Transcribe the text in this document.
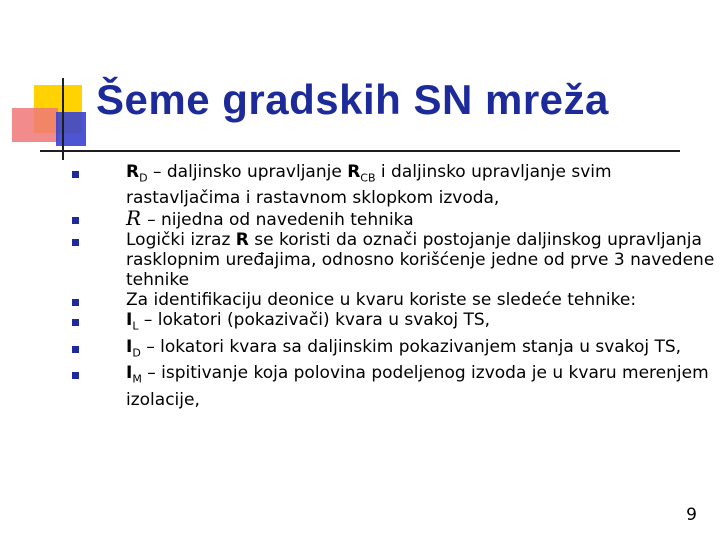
Šeme gradskih SN mreža
$R_D$ – daljinsko upravljanje $R_{CB}$ i daljinsko upravljanje svim rastavljačima i rastavnom sklopkom izvoda,
R – nijedna od navedenih tehnika
Logički izraz R se koristi da označi postojanje daljinskog upravljanja rasklopnim uređajima, odnosno korišćenje jedne od prve 3 navedene tehnike
Za identifikaciju deonice u kvaru koriste se sledeće tehnike:
$I_L$ – lokatori (pokazivači) kvara u svakoj TS,
$I_D$ – lokatori kvara sa daljinskim pokazivanjem stanja u svakoj TS,
$I_M$ – ispitivanje koja polovina podeljenog izvoda je u kvaru merenjem izolacije,
9
